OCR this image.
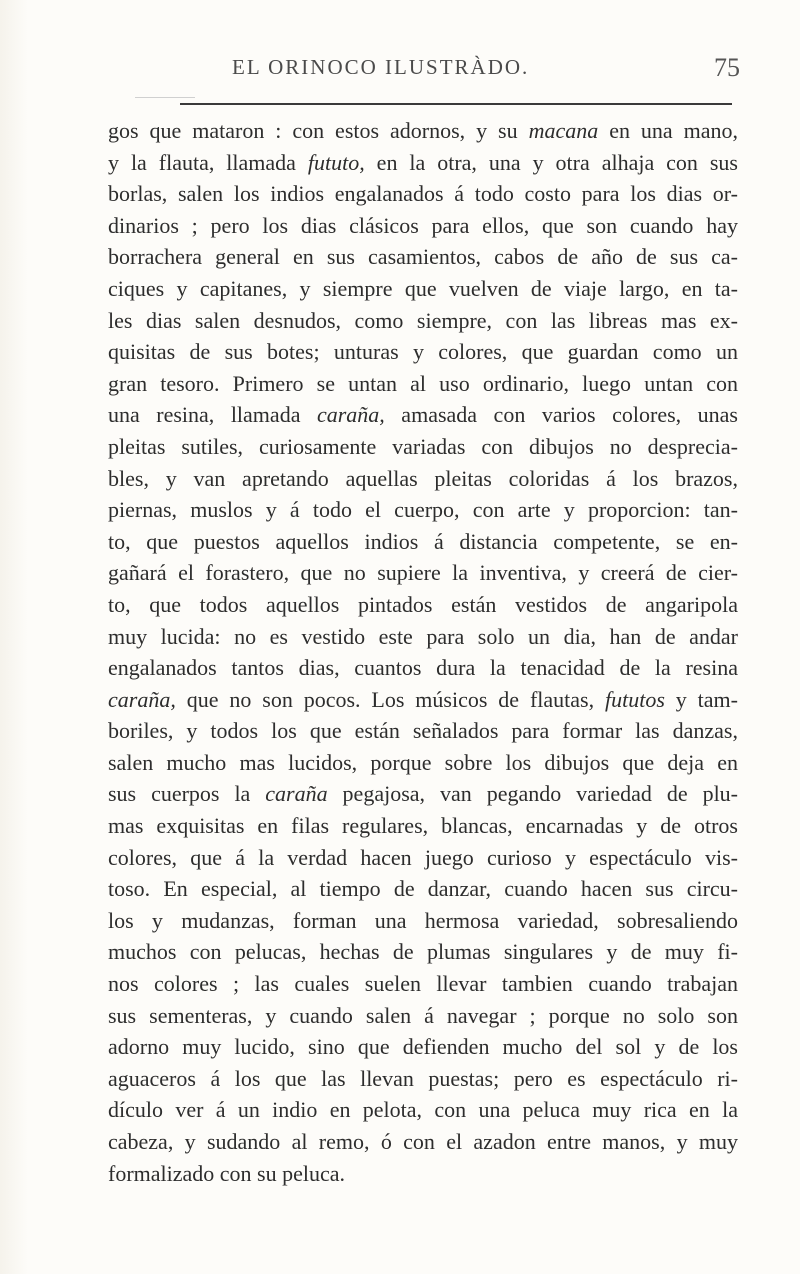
EL ORINOCO ILUSTRÀDO.	75
gos que mataron : con estos adornos, y su macana en una mano,
y la flauta, llamada fututo, en la otra, una y otra alhaja con sus
borlas, salen los indios engalanados á todo costo para los dias or-
dinarios ; pero los dias clásicos para ellos, que son cuando hay
borrachera general en sus casamientos, cabos de año de sus ca-
ciques y capitanes, y siempre que vuelven de viaje largo, en ta-
les dias salen desnudos, como siempre, con las libreas mas ex-
quisitas de sus botes; unturas y colores, que guardan como un
gran tesoro. Primero se untan al uso ordinario, luego untan con
una resina, llamada caraña, amasada con varios colores, unas
pleitas sutiles, curiosamente variadas con dibujos no desprecia-
bles, y van apretando aquellas pleitas coloridas á los brazos,
piernas, muslos y á todo el cuerpo, con arte y proporcion: tan-
to, que puestos aquellos indios á distancia competente, se en-
gañará el forastero, que no supiere la inventiva, y creerá de cier-
to, que todos aquellos pintados están vestidos de angaripola
muy lucida: no es vestido este para solo un dia, han de andar
engalanados tantos dias, cuantos dura la tenacidad de la resina
caraña, que no son pocos. Los músicos de flautas, fututos y tam-
boriles, y todos los que están señalados para formar las danzas,
salen mucho mas lucidos, porque sobre los dibujos que deja en
sus cuerpos la caraña pegajosa, van pegando variedad de plu-
mas exquisitas en filas regulares, blancas, encarnadas y de otros
colores, que á la verdad hacen juego curioso y espectáculo vis-
toso. En especial, al tiempo de danzar, cuando hacen sus circu-
los y mudanzas, forman una hermosa variedad, sobresaliendo
muchos con pelucas, hechas de plumas singulares y de muy fi-
nos colores ; las cuales suelen llevar tambien cuando trabajan
sus sementeras, y cuando salen á navegar ; porque no solo son
adorno muy lucido, sino que defienden mucho del sol y de los
aguaceros á los que las llevan puestas; pero es espectáculo ri-
dículo ver á un indio en pelota, con una peluca muy rica en la
cabeza, y sudando al remo, ó con el azadon entre manos, y muy
formalizado con su peluca.
